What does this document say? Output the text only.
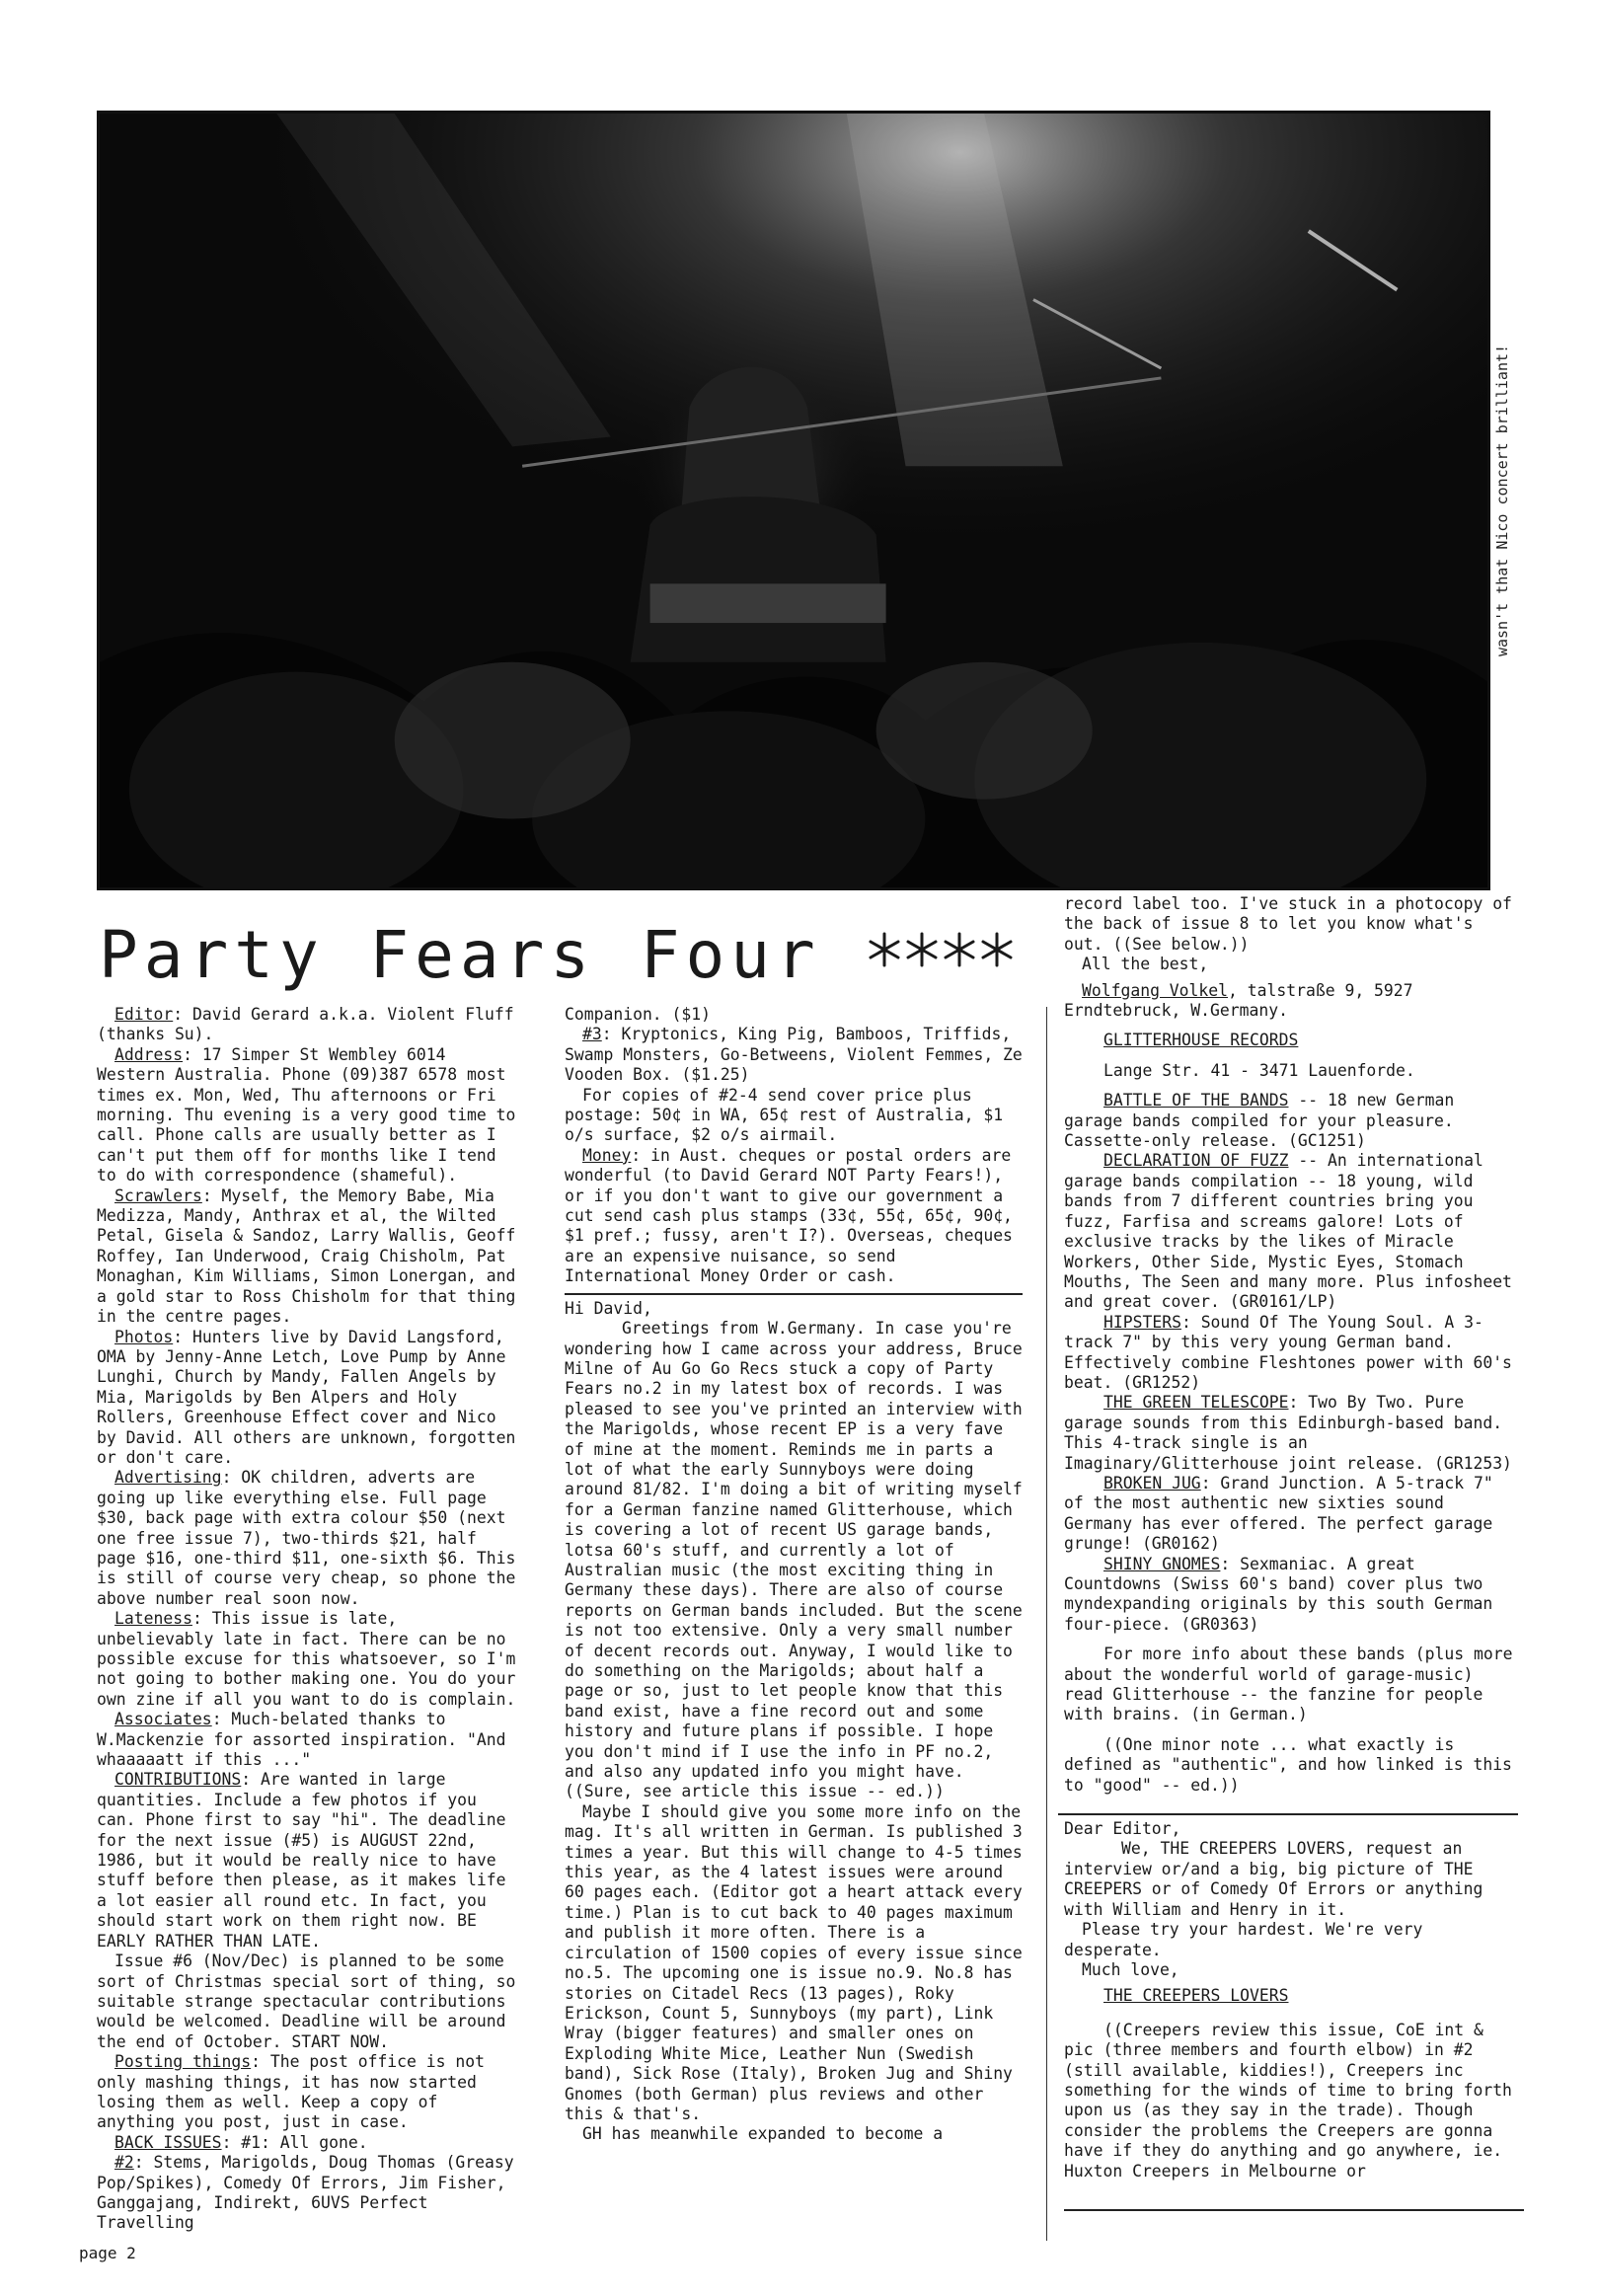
wasn't that Nico concert brilliant!
Party Fears Four

Editor: David Gerard a.k.a. Violent Fluff (thanks Su).

Address: 17 Simper St Wembley 6014 Western Australia. Phone (09)387 6578 most times ex. Mon, Wed, Thu afternoons or Fri morning. Thu evening is a very good time to call. Phone calls are usually better as I can't put them off for months like I tend to do with correspondence (shameful).

Scrawlers: Myself, the Memory Babe, Mia Medizza, Mandy, Anthrax et al, the Wilted Petal, Gisela & Sandoz, Larry Wallis, Geoff Roffey, Ian Underwood, Craig Chisholm, Pat Monaghan, Kim Williams, Simon Lonergan, and a gold star to Ross Chisholm for that thing in the centre pages.

Photos: Hunters live by David Langsford, OMA by Jenny-Anne Letch, Love Pump by Anne Lunghi, Church by Mandy, Fallen Angels by Mia, Marigolds by Ben Alpers and Holy Rollers, Greenhouse Effect cover and Nico by David. All others are unknown, forgotten or don't care.

Advertising: OK children, adverts are going up like everything else. Full page $30, back page with extra colour $50 (next one free issue 7), two-thirds $21, half page $16, one-third $11, one-sixth $6. This is still of course very cheap, so phone the above number real soon now.

Lateness: This issue is late, unbelievably late in fact. There can be no possible excuse for this whatsoever, so I'm not going to bother making one. You do your own zine if all you want to do is complain.

Associates: Much-belated thanks to W.Mackenzie for assorted inspiration. "And whaaaaatt if this ..."

CONTRIBUTIONS: Are wanted in large quantities. Include a few photos if you can. Phone first to say "hi". The deadline for the next issue (#5) is AUGUST 22nd, 1986, but it would be really nice to have stuff before then please, as it makes life a lot easier all round etc. In fact, you should start work on them right now. BE EARLY RATHER THAN LATE.

Issue #6 (Nov/Dec) is planned to be some sort of Christmas special sort of thing, so suitable strange spectacular contributions would be welcomed. Deadline will be around the end of October. START NOW.

Posting things: The post office is not only mashing things, it has now started losing them as well. Keep a copy of anything you post, just in case.

BACK ISSUES: #1: All gone.

#2: Stems, Marigolds, Doug Thomas (Greasy Pop/Spikes), Comedy Of Errors, Jim Fisher, Ganggajang, Indirekt, 6UVS Perfect Travelling

Companion. ($1)

#3: Kryptonics, King Pig, Bamboos, Triffids, Swamp Monsters, Go-Betweens, Violent Femmes, Ze Vooden Box. ($1.25)

For copies of #2-4 send cover price plus postage: 50¢ in WA, 65¢ rest of Australia, $1 o/s surface, $2 o/s airmail.

Money: in Aust. cheques or postal orders are wonderful (to David Gerard NOT Party Fears!), or if you don't want to give our government a cut send cash plus stamps (33¢, 55¢, 65¢, 90¢, $1 pref.; fussy, aren't I?). Overseas, cheques are an expensive nuisance, so send International Money Order or cash.

Hi David,

Greetings from W.Germany. In case you're wondering how I came across your address, Bruce Milne of Au Go Go Recs stuck a copy of Party Fears no.2 in my latest box of records. I was pleased to see you've printed an interview with the Marigolds, whose recent EP is a very fave of mine at the moment. Reminds me in parts a lot of what the early Sunnyboys were doing around 81/82. I'm doing a bit of writing myself for a German fanzine named Glitterhouse, which is covering a lot of recent US garage bands, lotsa 60's stuff, and currently a lot of Australian music (the most exciting thing in Germany these days). There are also of course reports on German bands included. But the scene is not too extensive. Only a very small number of decent records out. Anyway, I would like to do something on the Marigolds; about half a page or so, just to let people know that this band exist, have a fine record out and some history and future plans if possible. I hope you don't mind if I use the info in PF no.2, and also any updated info you might have. ((Sure, see article this issue -- ed.))

Maybe I should give you some more info on the mag. It's all written in German. Is published 3 times a year. But this will change to 4-5 times this year, as the 4 latest issues were around 60 pages each. (Editor got a heart attack every time.) Plan is to cut back to 40 pages maximum and publish it more often. There is a circulation of 1500 copies of every issue since no.5. The upcoming one is issue no.9. No.8 has stories on Citadel Recs (13 pages), Roky Erickson, Count 5, Sunnyboys (my part), Link Wray (bigger features) and smaller ones on Exploding White Mice, Leather Nun (Swedish band), Sick Rose (Italy), Broken Jug and Shiny Gnomes (both German) plus reviews and other this & that's.

GH has meanwhile expanded to become a

record label too. I've stuck in a photocopy of the back of issue 8 to let you know what's out. ((See below.))

All the best,

Wolfgang Volkel, talstraße 9, 5927 Erndtebruck, W.Germany.

GLITTERHOUSE RECORDS

Lange Str. 41 - 3471 Lauenforde.

BATTLE OF THE BANDS -- 18 new German garage bands compiled for your pleasure. Cassette-only release. (GC1251)

DECLARATION OF FUZZ -- An international garage bands compilation -- 18 young, wild bands from 7 different countries bring you fuzz, Farfisa and screams galore! Lots of exclusive tracks by the likes of Miracle Workers, Other Side, Mystic Eyes, Stomach Mouths, The Seen and many more. Plus infosheet and great cover. (GR0161/LP)

HIPSTERS: Sound Of The Young Soul. A 3-track 7" by this very young German band. Effectively combine Fleshtones power with 60's beat. (GR1252)

THE GREEN TELESCOPE: Two By Two. Pure garage sounds from this Edinburgh-based band. This 4-track single is an Imaginary/Glitterhouse joint release. (GR1253)

BROKEN JUG: Grand Junction. A 5-track 7" of the most authentic new sixties sound Germany has ever offered. The perfect garage grunge! (GR0162)

SHINY GNOMES: Sexmaniac. A great Countdowns (Swiss 60's band) cover plus two myndexpanding originals by this south German four-piece. (GR0363)

For more info about these bands (plus more about the wonderful world of garage-music) read Glitterhouse -- the fanzine for people with brains. (in German.)

((One minor note ... what exactly is defined as "authentic", and how linked is this to "good" -- ed.))

Dear Editor,

We, THE CREEPERS LOVERS, request an interview or/and a big, big picture of THE CREEPERS or of Comedy Of Errors or anything with William and Henry in it.

Please try your hardest. We're very desperate.

Much love,

THE CREEPERS LOVERS

((Creepers review this issue, CoE int & pic (three members and fourth elbow) in #2 (still available, kiddies!), Creepers inc something for the winds of time to bring forth upon us (as they say in the trade). Though consider the problems the Creepers are gonna have if they do anything and go anywhere, ie. Huxton Creepers in Melbourne or

page 2
